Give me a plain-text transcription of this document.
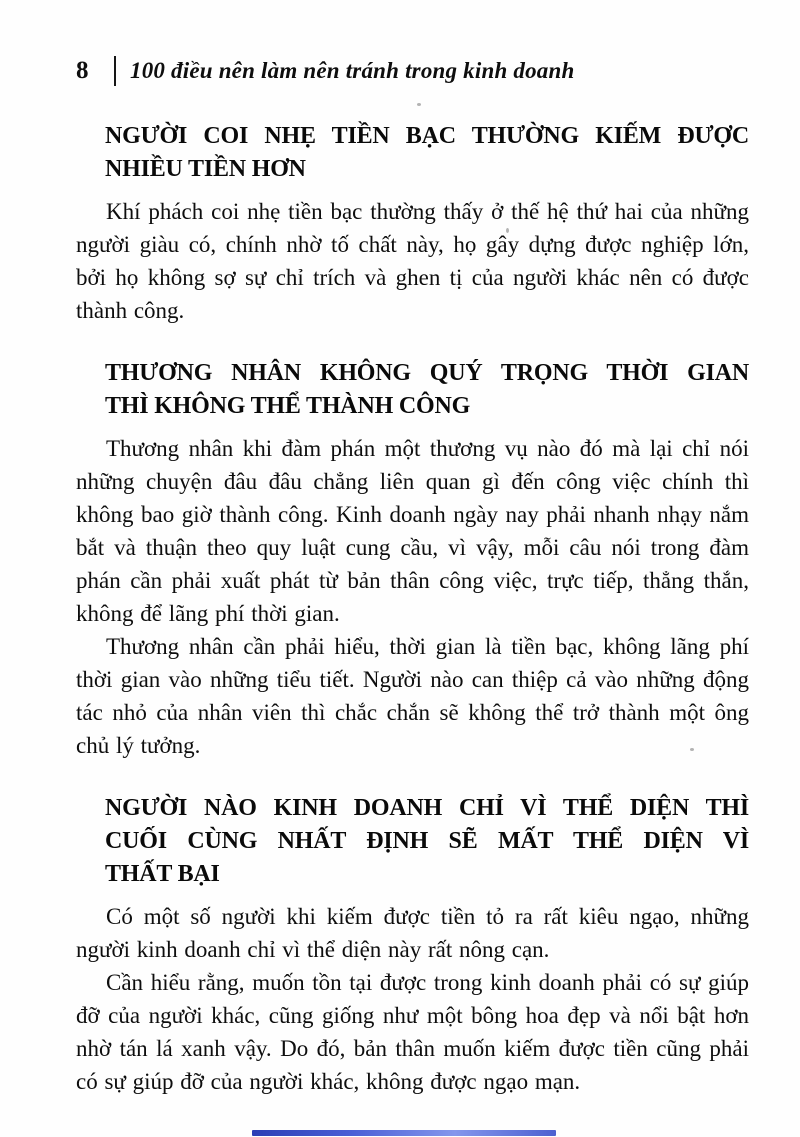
8 100 điều nên làm nên tránh trong kinh doanh
NGƯỜI COI NHẸ TIỀN BẠC THƯỜNG KIẾM ĐƯỢC
NHIỀU TIỀN HƠN

Khí phách coi nhẹ tiền bạc thường thấy ở thế hệ thứ hai của những người giàu có, chính nhờ tố chất này, họ gây dựng được nghiệp lớn, bởi họ không sợ sự chỉ trích và ghen tị của người khác nên có được thành công.

THƯƠNG NHÂN KHÔNG QUÝ TRỌNG THỜI GIAN
THÌ KHÔNG THỂ THÀNH CÔNG

Thương nhân khi đàm phán một thương vụ nào đó mà lại chỉ nói những chuyện đâu đâu chẳng liên quan gì đến công việc chính thì không bao giờ thành công. Kinh doanh ngày nay phải nhanh nhạy nắm bắt và thuận theo quy luật cung cầu, vì vậy, mỗi câu nói trong đàm phán cần phải xuất phát từ bản thân công việc, trực tiếp, thẳng thắn, không để lãng phí thời gian.

Thương nhân cần phải hiểu, thời gian là tiền bạc, không lãng phí thời gian vào những tiểu tiết. Người nào can thiệp cả vào những động tác nhỏ của nhân viên thì chắc chắn sẽ không thể trở thành một ông chủ lý tưởng.

NGƯỜI NÀO KINH DOANH CHỈ VÌ THỂ DIỆN THÌ
CUỐI CÙNG NHẤT ĐỊNH SẼ MẤT THỂ DIỆN VÌ
THẤT BẠI

Có một số người khi kiếm được tiền tỏ ra rất kiêu ngạo, những người kinh doanh chỉ vì thể diện này rất nông cạn.

Cần hiểu rằng, muốn tồn tại được trong kinh doanh phải có sự giúp đỡ của người khác, cũng giống như một bông hoa đẹp và nổi bật hơn nhờ tán lá xanh vậy. Do đó, bản thân muốn kiếm được tiền cũng phải có sự giúp đỡ của người khác, không được ngạo mạn.
